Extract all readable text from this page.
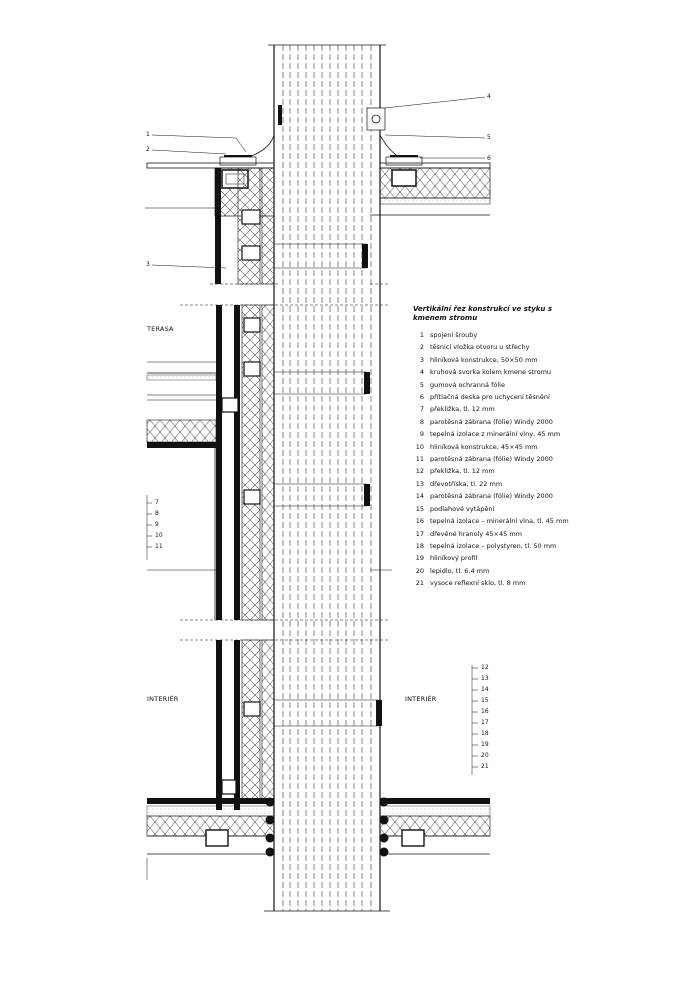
1
2
3
4
5
6
7
8
9
10
11
12
13
14
15
16
17
18
19
20
21
TERASA
INTERIÉR	INTERIÉR
Vertikální řez konstrukcí ve styku s kmenem stromu
1 spojení šrouby
2 těsnicí vložka otvoru u střechy
3 hliníková konstrukce, 50×50 mm
4 kruhová svorka kolem kmene stromu
5 gumová ochranná fólie
6 přítlačná deska pro uchycení těsnění
7 překližka, tl. 12 mm
8 parotěsná zábrana (fólie) Windy 2000
9 tepelná izolace z minerální vlny, 45 mm
10 hliníková konstrukce, 45×45 mm
11 parotěsná zábrana (fólie) Windy 2000
12 překližka, tl. 12 mm
13 dřevotříska, tl. 22 mm
14 parotěsná zábrana (fólie) Windy 2000
15 podlahové vytápění
16 tepelná izolace – minerální vlna, tl. 45 mm
17 dřevěné hranoly 45×45 mm
18 tepelná izolace – polystyren, tl. 50 mm
19 hliníkový profil
20 lepidlo, tl. 6,4 mm
21 vysoce reflexní sklo, tl. 8 mm
